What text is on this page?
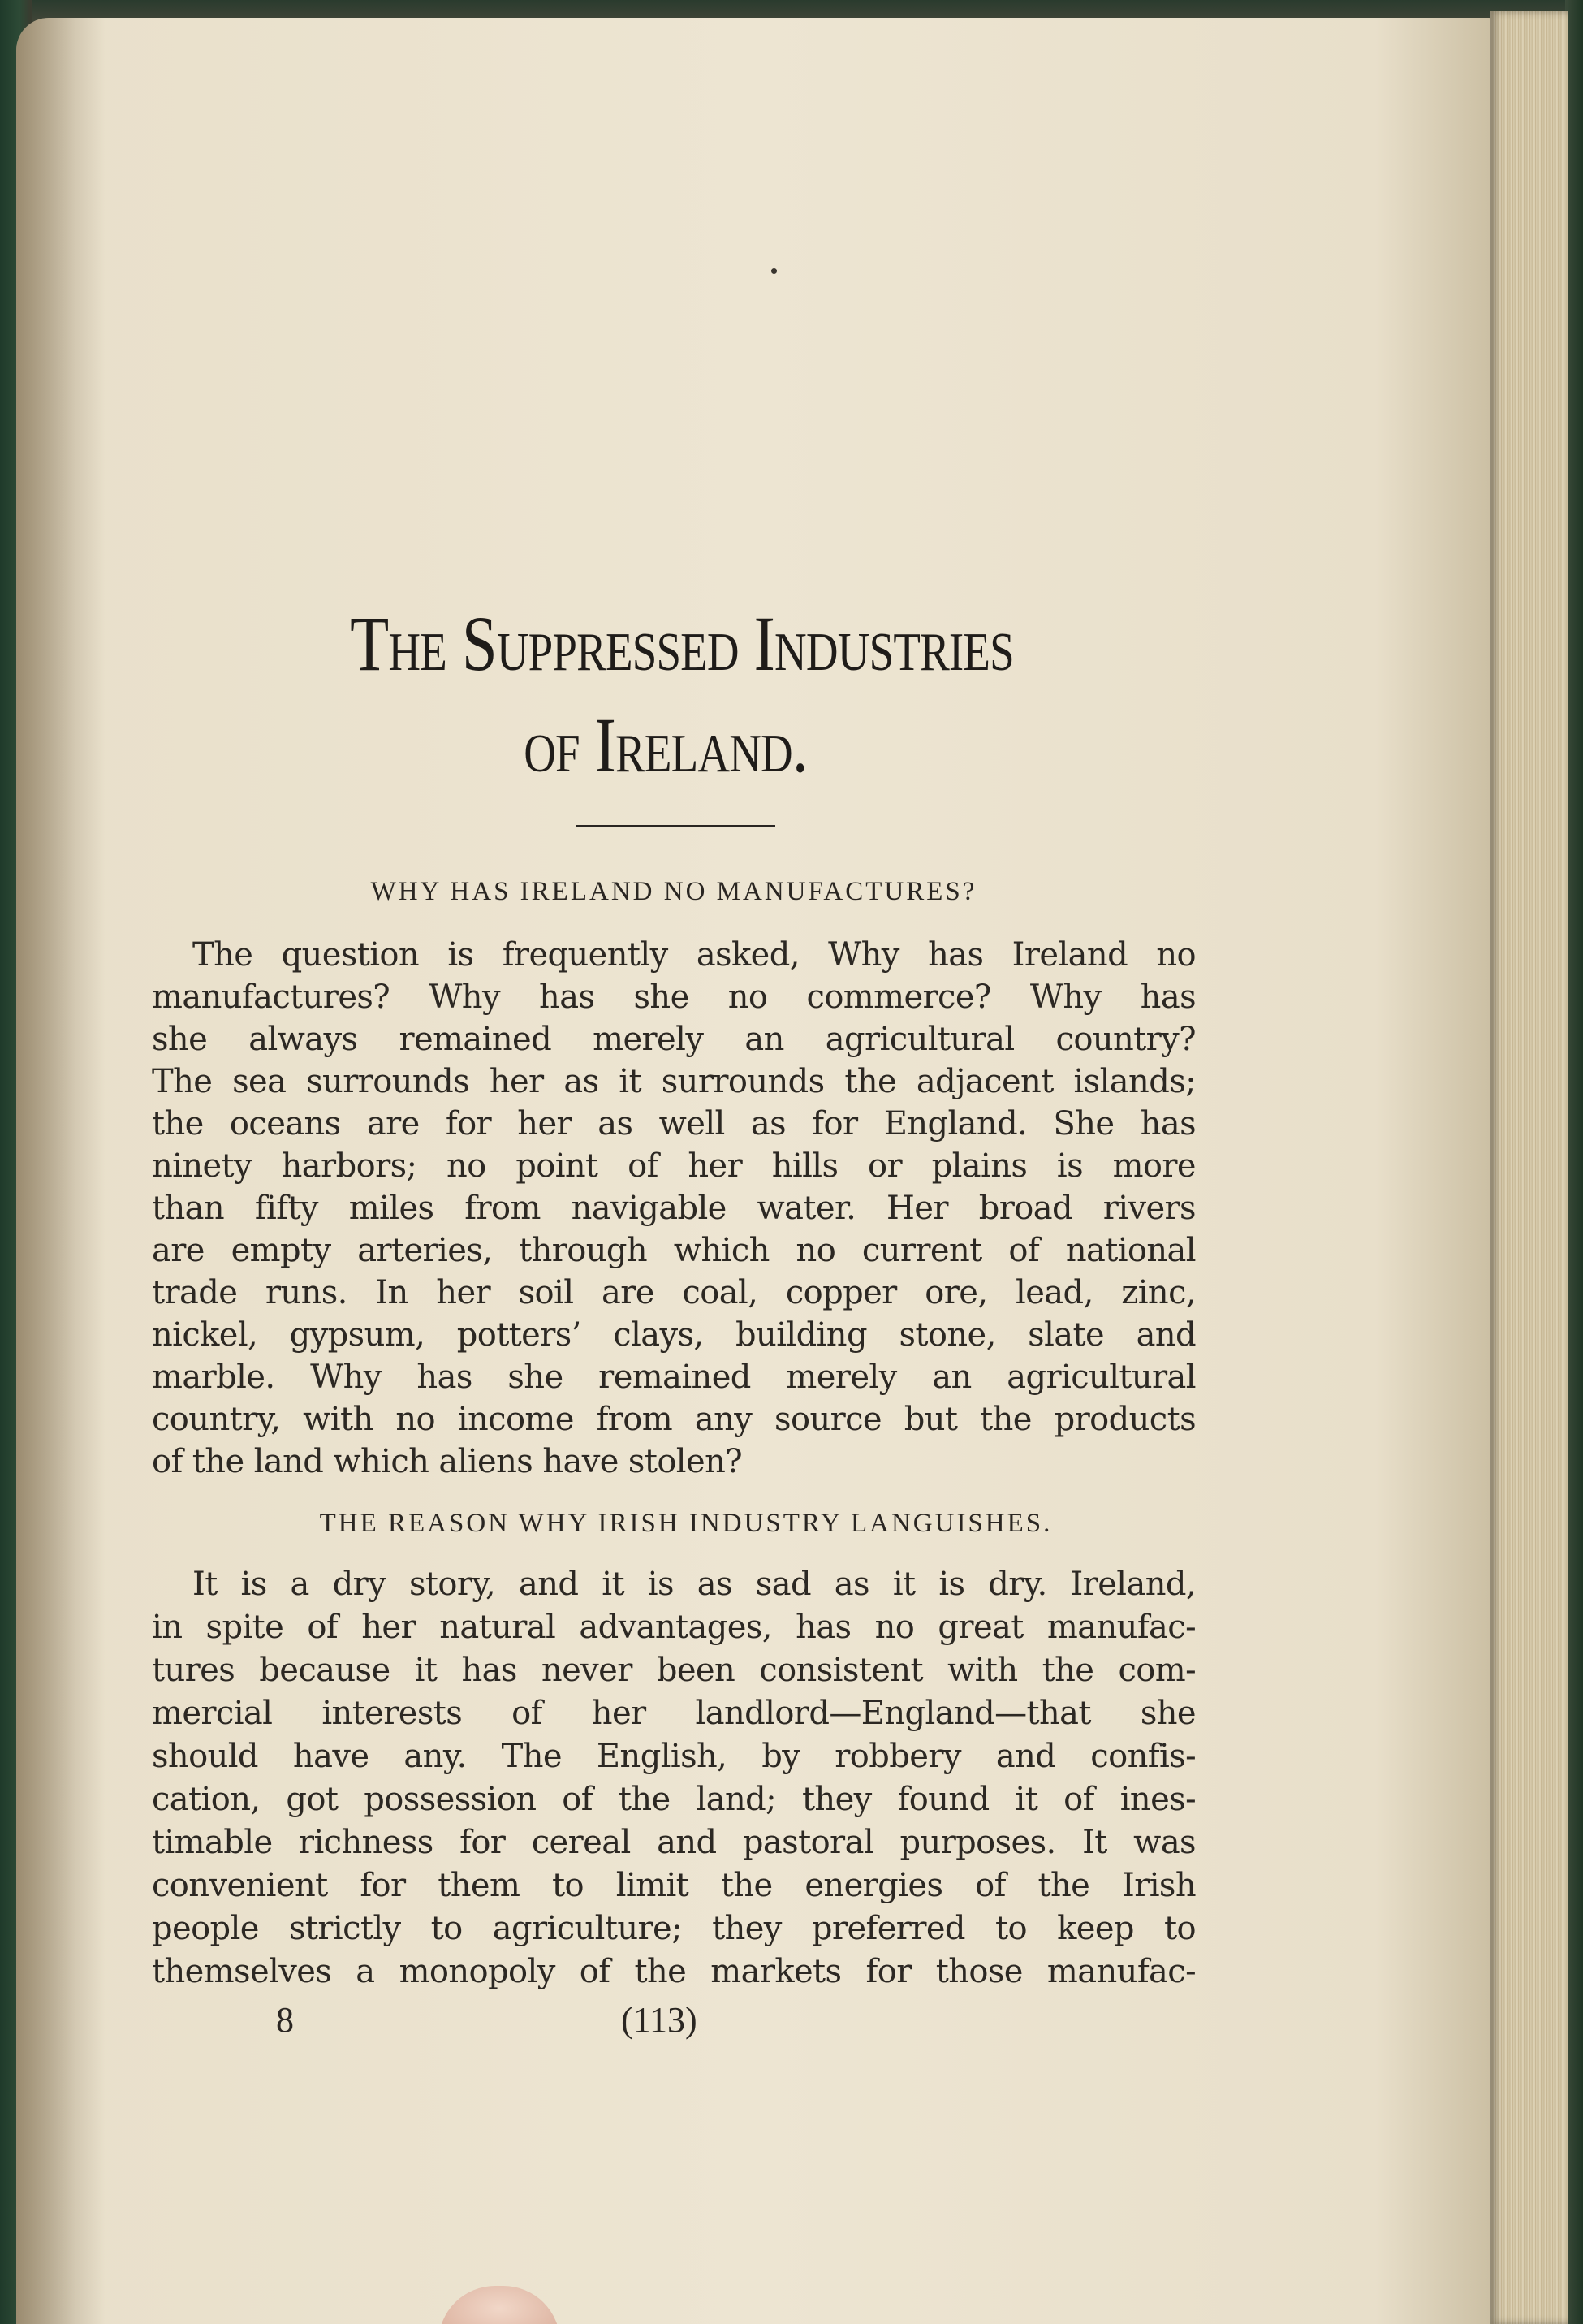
The Suppressed Industries
of Ireland.
WHY HAS IRELAND NO MANUFACTURES?
The question is frequently asked, Why has Ireland no
manufactures? Why has she no commerce? Why has
she always remained merely an agricultural country?
The sea surrounds her as it surrounds the adjacent islands;
the oceans are for her as well as for England. She has
ninety harbors; no point of her hills or plains is more
than fifty miles from navigable water. Her broad rivers
are empty arteries, through which no current of national
trade runs. In her soil are coal, copper ore, lead, zinc,
nickel, gypsum, potters’ clays, building stone, slate and
marble. Why has she remained merely an agricultural
country, with no income from any source but the products
of the land which aliens have stolen?
THE REASON WHY IRISH INDUSTRY LANGUISHES.
It is a dry story, and it is as sad as it is dry. Ireland,
in spite of her natural advantages, has no great manufac-
tures because it has never been consistent with the com-
mercial interests of her landlord—England—that she
should have any. The English, by robbery and confis-
cation, got possession of the land; they found it of ines-
timable richness for cereal and pastoral purposes. It was
convenient for them to limit the energies of the Irish
people strictly to agriculture; they preferred to keep to
themselves a monopoly of the markets for those manufac-
8	(113)
